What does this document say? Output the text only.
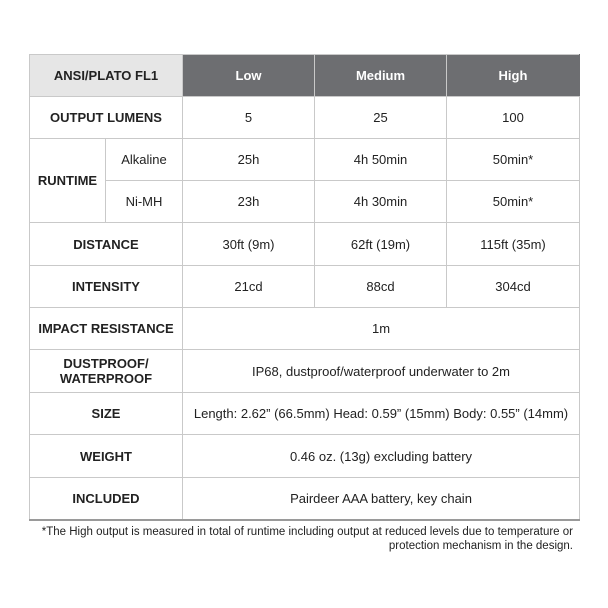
ANSI/PLATO FL1		Low	Medium	High
OUTPUT LUMENS		5	25	100
RUNTIME	Alkaline	25h	4h 50min	50min*
	Ni-MH	23h	4h 30min	50min*
DISTANCE		30ft (9m)	62ft (19m)	115ft (35m)
INTENSITY		21cd	88cd	304cd
IMPACT RESISTANCE		1m		
DUSTPROOF/
WATERPROOF		IP68, dustproof/waterproof underwater to 2m		
SIZE		Length: 2.62” (66.5mm) Head: 0.59” (15mm) Body: 0.55” (14mm)		
WEIGHT		0.46 oz. (13g) excluding battery		
INCLUDED		Pairdeer AAA battery, key chain		
*The High output is measured in total of runtime including output at reduced levels due to temperature or
protection mechanism in the design.
